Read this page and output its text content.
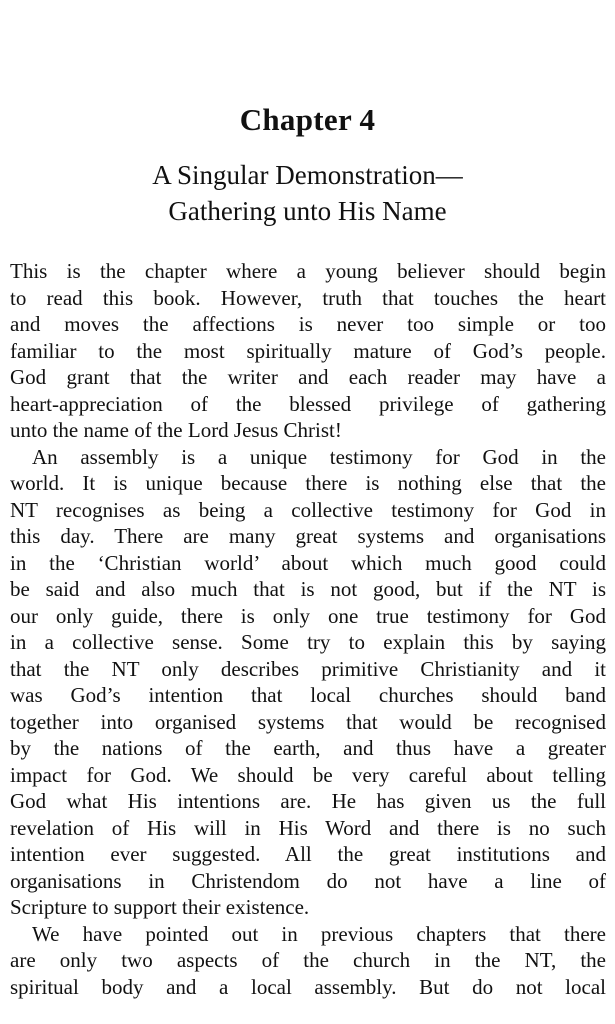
Chapter 4
A Singular Demonstration—
Gathering unto His Name
This is the chapter where a young believer should begin
to read this book. However, truth that touches the heart
and moves the affections is never too simple or too
familiar to the most spiritually mature of God’s people.
God grant that the writer and each reader may have a
heart-appreciation of the blessed privilege of gathering
unto the name of the Lord Jesus Christ!
An assembly is a unique testimony for God in the
world. It is unique because there is nothing else that the
NT recognises as being a collective testimony for God in
this day. There are many great systems and organisations
in the ‘Christian world’ about which much good could
be said and also much that is not good, but if the NT is
our only guide, there is only one true testimony for God
in a collective sense. Some try to explain this by saying
that the NT only describes primitive Christianity and it
was God’s intention that local churches should band
together into organised systems that would be recognised
by the nations of the earth, and thus have a greater
impact for God. We should be very careful about telling
God what His intentions are. He has given us the full
revelation of His will in His Word and there is no such
intention ever suggested. All the great institutions and
organisations in Christendom do not have a line of
Scripture to support their existence.
We have pointed out in previous chapters that there
are only two aspects of the church in the NT, the
spiritual body and a local assembly. But do not local
